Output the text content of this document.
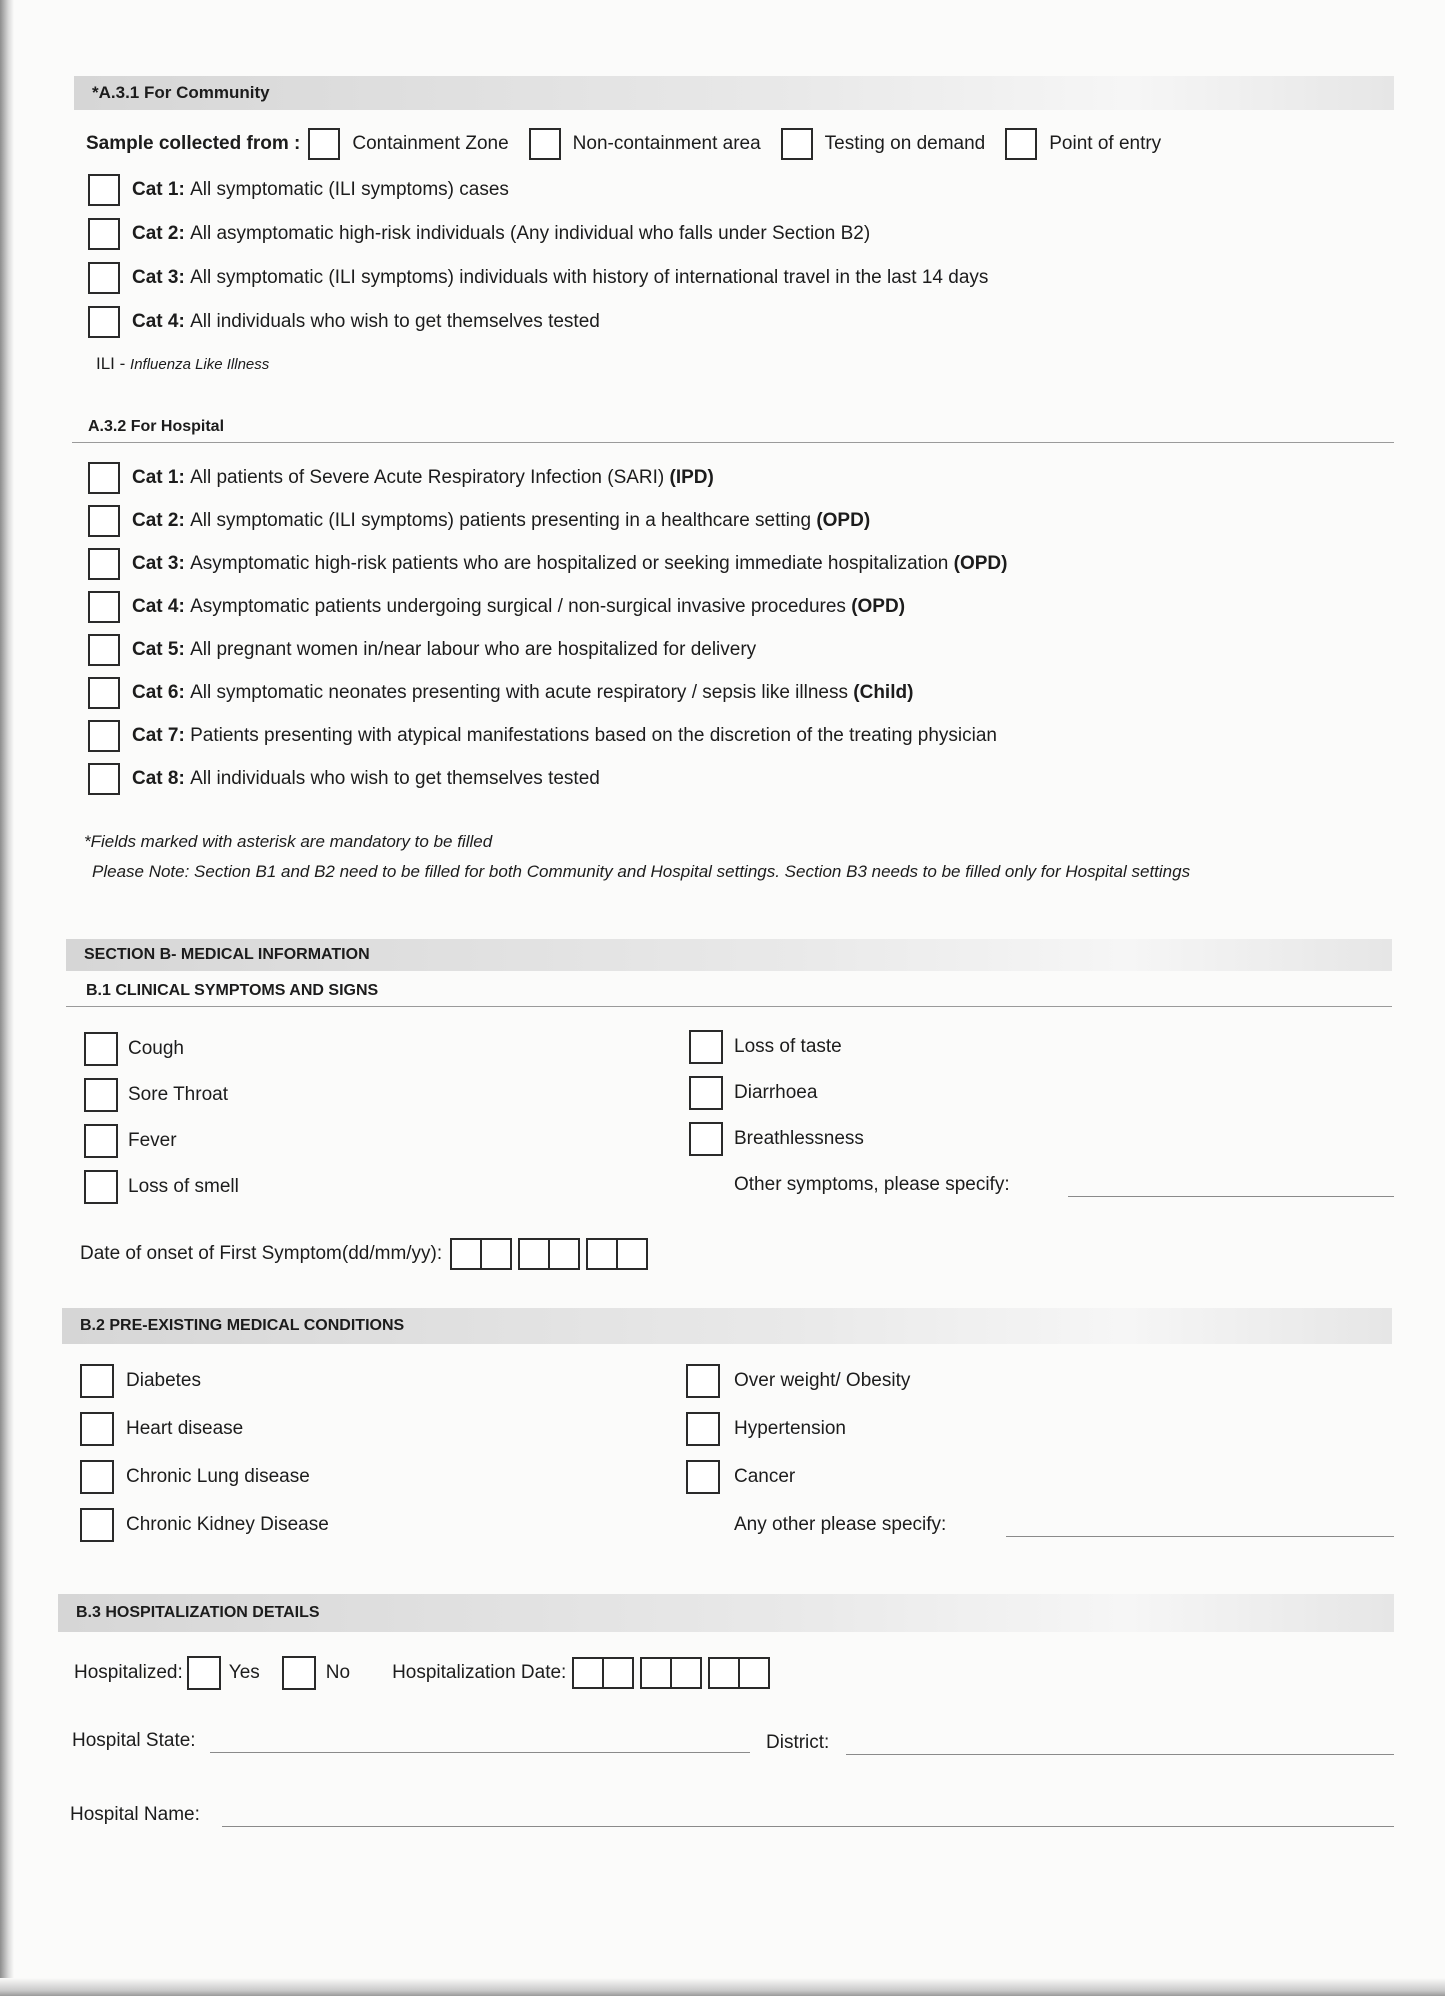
*A.3.1 For Community
Sample collected from :	Containment Zone	Non-containment area	Testing on demand	Point of entry
Cat 1:
All symptomatic (ILI symptoms) cases
Cat 2:
All asymptomatic high-risk individuals (Any individual who falls under Section B2)
Cat 3:
All symptomatic (ILI symptoms) individuals with history of international travel in the last 14 days
Cat 4:
All individuals who wish to get themselves tested
ILI -
Influenza Like Illness
A.3.2 For Hospital
Cat 1:
All patients of Severe Acute Respiratory Infection (SARI)
(IPD)
Cat 2:
All symptomatic (ILI symptoms) patients presenting in a healthcare setting
(OPD)
Cat 3:
Asymptomatic high-risk patients who are hospitalized or seeking immediate hospitalization
(OPD)
Cat 4:
Asymptomatic patients undergoing surgical / non-surgical invasive procedures
(OPD)
Cat 5:
All pregnant women in/near labour who are hospitalized for delivery
Cat 6:
All symptomatic neonates presenting with acute respiratory / sepsis like illness
(Child)
Cat 7:
Patients presenting with atypical manifestations based on the discretion of the treating physician
Cat 8:
All individuals who wish to get themselves tested
*Fields marked with asterisk are mandatory to be filled
Please Note: Section B1 and B2 need to be filled for both Community and Hospital settings. Section B3 needs to be filled only for Hospital settings
SECTION B- MEDICAL INFORMATION
B.1 CLINICAL SYMPTOMS AND SIGNS
Cough
Sore Throat
Fever
Loss of smell
Loss of taste
Diarrhoea
Breathlessness
Other symptoms, please specify:
Date of onset of First Symptom(dd/mm/yy):
B.2 PRE-EXISTING MEDICAL CONDITIONS
Diabetes
Heart disease
Chronic Lung disease
Chronic Kidney Disease
Over weight/ Obesity
Hypertension
Cancer
Any other please specify:
B.3 HOSPITALIZATION DETAILS
Hospitalized: Yes	No Hospitalization Date:
Hospital State:	District:
Hospital Name:
